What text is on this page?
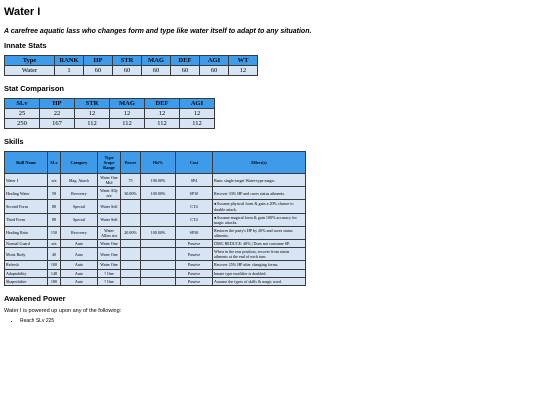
Water I
A carefree aquatic lass who changes form and type like water itself to adapt to any situation.
Innate Stats
Type	RANK	HP	STR	MAG	DEF	AGI	WT
Water	1	60	60	60	60	60	12
Stat Comparison
SLv	HP	STR	MAG	DEF	AGI
25	22	12	12	12	12
250	167	112	112	112	112
Skills
Skill Name	SLv	Category	Type Scope Range	Power	Hit%	Cost	Effect(s)
Water I	n/a	Mag. Attack	Water One Mid	75	100.00%	SP4	Basic single-target Water-type magic.
Healing Water	58	Recovery	Water Ally n/a	30.00%	100.00%	SP10	Recover 33% HP and cures status ailments.
Second Form	88	Special	Water Self			CT4	●Assume physical form & gain a 20% chance to double attack.
Third Form	88	Special	Water Self			CT4	●Assume magical form & gain 100% accuracy for magic attacks.
Healing Rain	150	Recovery	Water Allies n/a	20.00%	100.00%	SP30	Restores the party's HP by 20% and cures status ailments.
Normal Guard	n/a	Auto	Water One			Passive	DMG REDUCE: 40% | Does not consume SP.
Moist Body	40	Auto	Water One			Passive	When in the rear position, recover from status ailments at the end of each turn.
Refresh	100	Auto	Water One			Passive	Recover 25% HP after changing forms.
Adaptability	148	Auto	? One			Passive	Innate type modifier is doubled.
Shapeshifter	180	Auto	? One			Passive	Assume the types of skills & magic used.
Awakened Power

Water I is powered up upon any of the following:

• Reach SLv 225
